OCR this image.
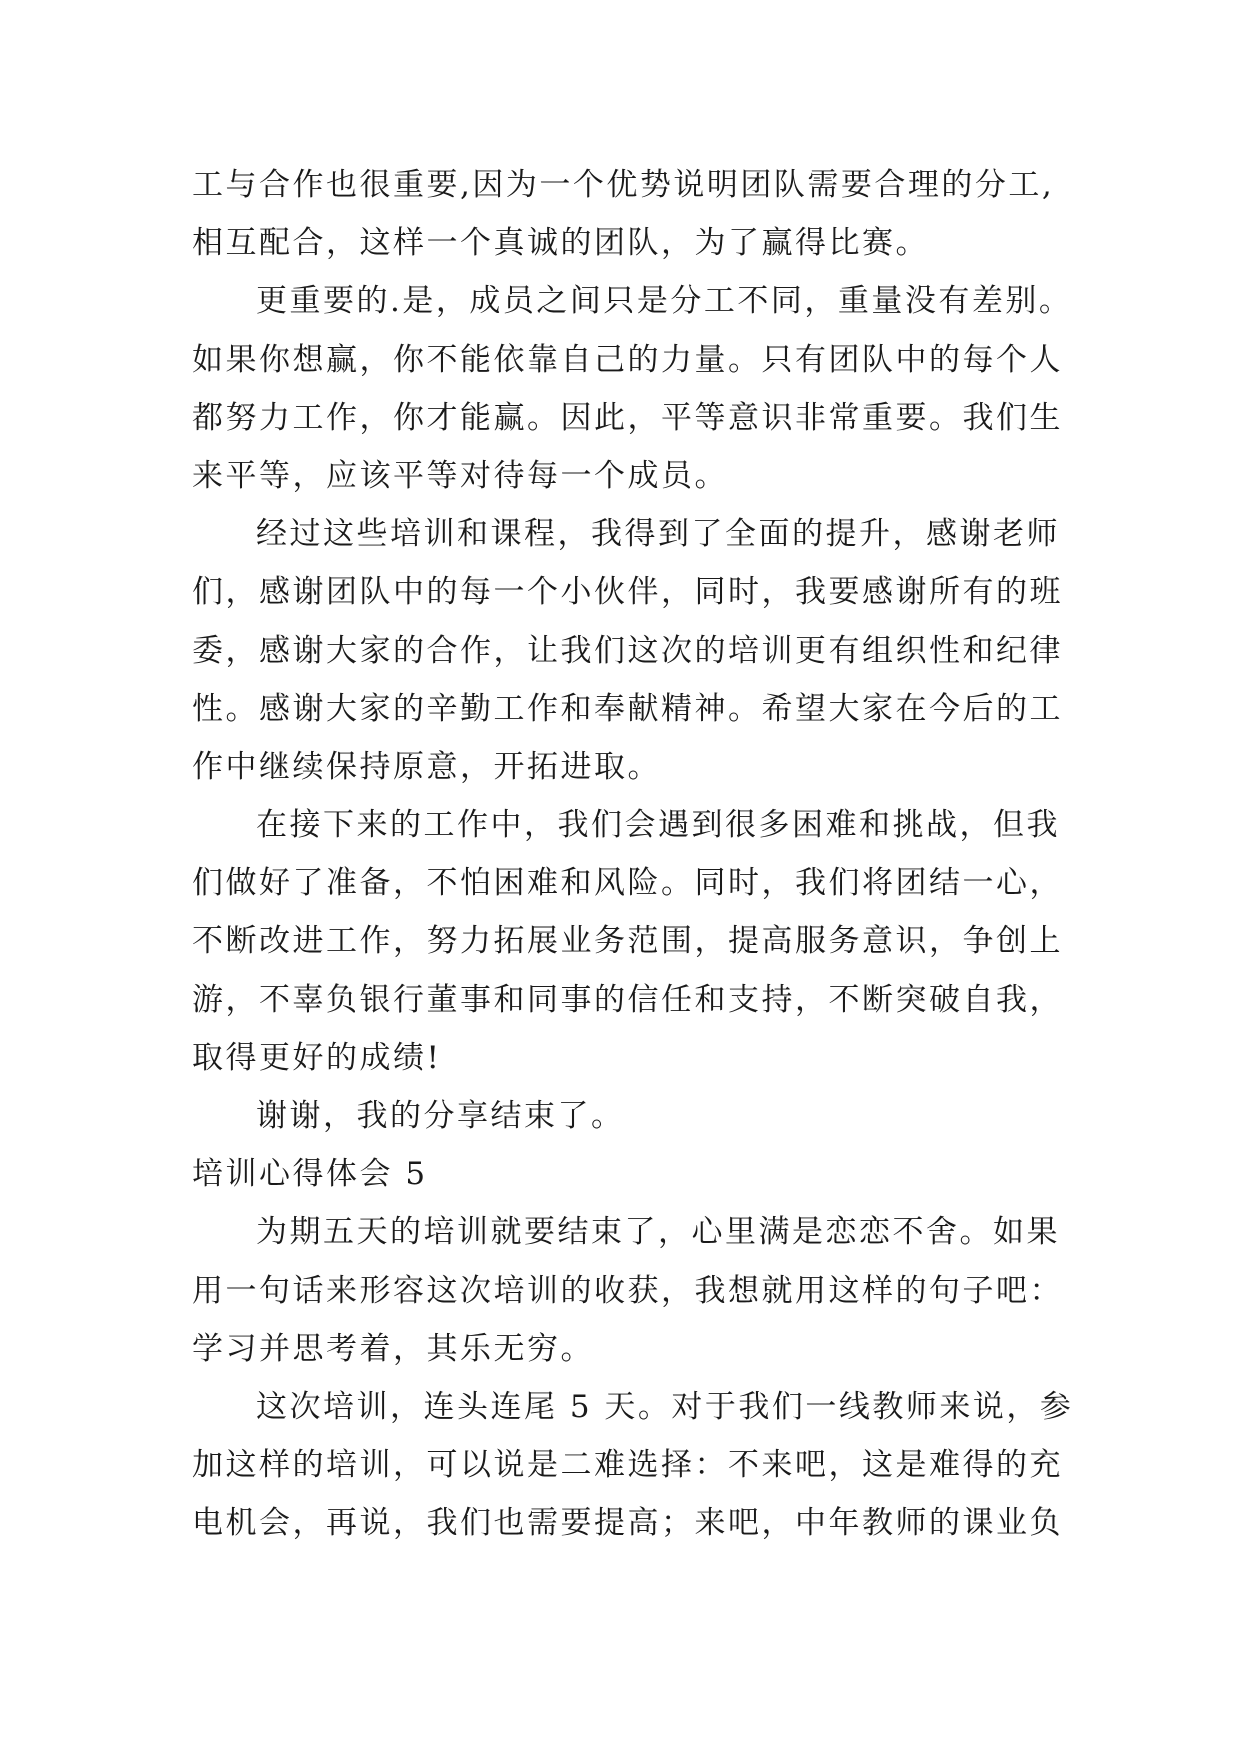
工与合作也很重要,因为一个优势说明团队需要合理的分工,
相互配合，这样一个真诚的团队，为了赢得比赛。
更重要的.是，成员之间只是分工不同，重量没有差别。
如果你想赢，你不能依靠自己的力量。只有团队中的每个人
都努力工作，你才能赢。因此，平等意识非常重要。我们生
来平等，应该平等对待每一个成员。
经过这些培训和课程，我得到了全面的提升，感谢老师
们，感谢团队中的每一个小伙伴，同时，我要感谢所有的班
委，感谢大家的合作，让我们这次的培训更有组织性和纪律
性。感谢大家的辛勤工作和奉献精神。希望大家在今后的工
作中继续保持原意，开拓进取。
在接下来的工作中，我们会遇到很多困难和挑战，但我
们做好了准备，不怕困难和风险。同时，我们将团结一心，
不断改进工作，努力拓展业务范围，提高服务意识，争创上
游，不辜负银行董事和同事的信任和支持，不断突破自我，
取得更好的成绩!
谢谢，我的分享结束了。
培训心得体会 5
为期五天的培训就要结束了，心里满是恋恋不舍。如果
用一句话来形容这次培训的收获，我想就用这样的句子吧：
学习并思考着，其乐无穷。
这次培训，连头连尾 5 天。对于我们一线教师来说，参
加这样的培训，可以说是二难选择：不来吧，这是难得的充
电机会，再说，我们也需要提高；来吧，中年教师的课业负
